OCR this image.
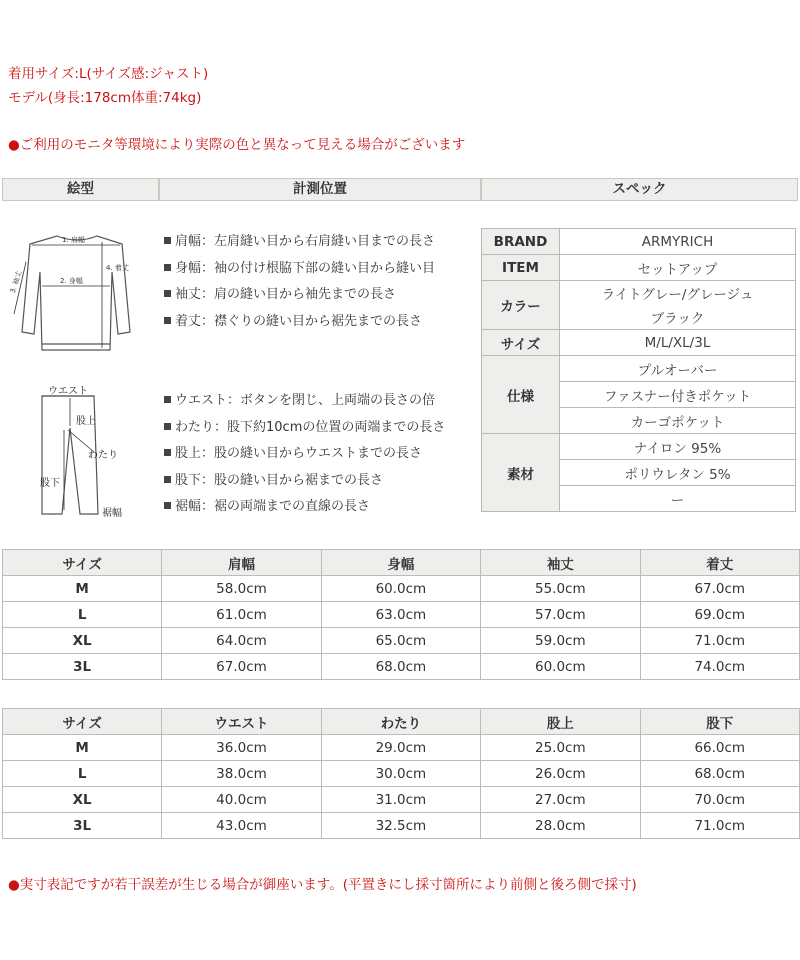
着用サイズ:L(サイズ感:ジャスト)
モデル(身長:178cm体重:74kg)
●ご利用のモニタ等環境により実際の色と異なって見える場合がございます
絵型	計測位置	スペック
1. 肩幅
2. 身幅
4. 着丈
3. 袖丈
ウエスト
股上
わたり
股下
裾幅
肩幅：左肩縫い目から右肩縫い目までの長さ
身幅：袖の付け根脇下部の縫い目から縫い目
袖丈：肩の縫い目から袖先までの長さ
着丈：襟ぐりの縫い目から裾先までの長さ
ウエスト：ボタンを閉じ、上両端の長さの倍
わたり：股下約10cmの位置の両端までの長さ
股上：股の縫い目からウエストまでの長さ
股下：股の縫い目から裾までの長さ
裾幅：裾の両端までの直線の長さ
BRAND	ARMYRICH
ITEM	セットアップ
カラー	ライトグレー/グレージュ
	ブラック
サイズ	M/L/XL/3L
仕様	プルオーバー
	ファスナー付きポケット
	カーゴポケット
素材	ナイロン 95%
	ポリウレタン 5%
	ー
サイズ	肩幅	身幅	袖丈	着丈
M	58.0cm	60.0cm	55.0cm	67.0cm
L	61.0cm	63.0cm	57.0cm	69.0cm
XL	64.0cm	65.0cm	59.0cm	71.0cm
3L	67.0cm	68.0cm	60.0cm	74.0cm
サイズ	ウエスト	わたり	股上	股下
M	36.0cm	29.0cm	25.0cm	66.0cm
L	38.0cm	30.0cm	26.0cm	68.0cm
XL	40.0cm	31.0cm	27.0cm	70.0cm
3L	43.0cm	32.5cm	28.0cm	71.0cm
●実寸表記ですが若干誤差が生じる場合が御座います。(平置きにし採寸箇所により前側と後ろ側で採寸)
